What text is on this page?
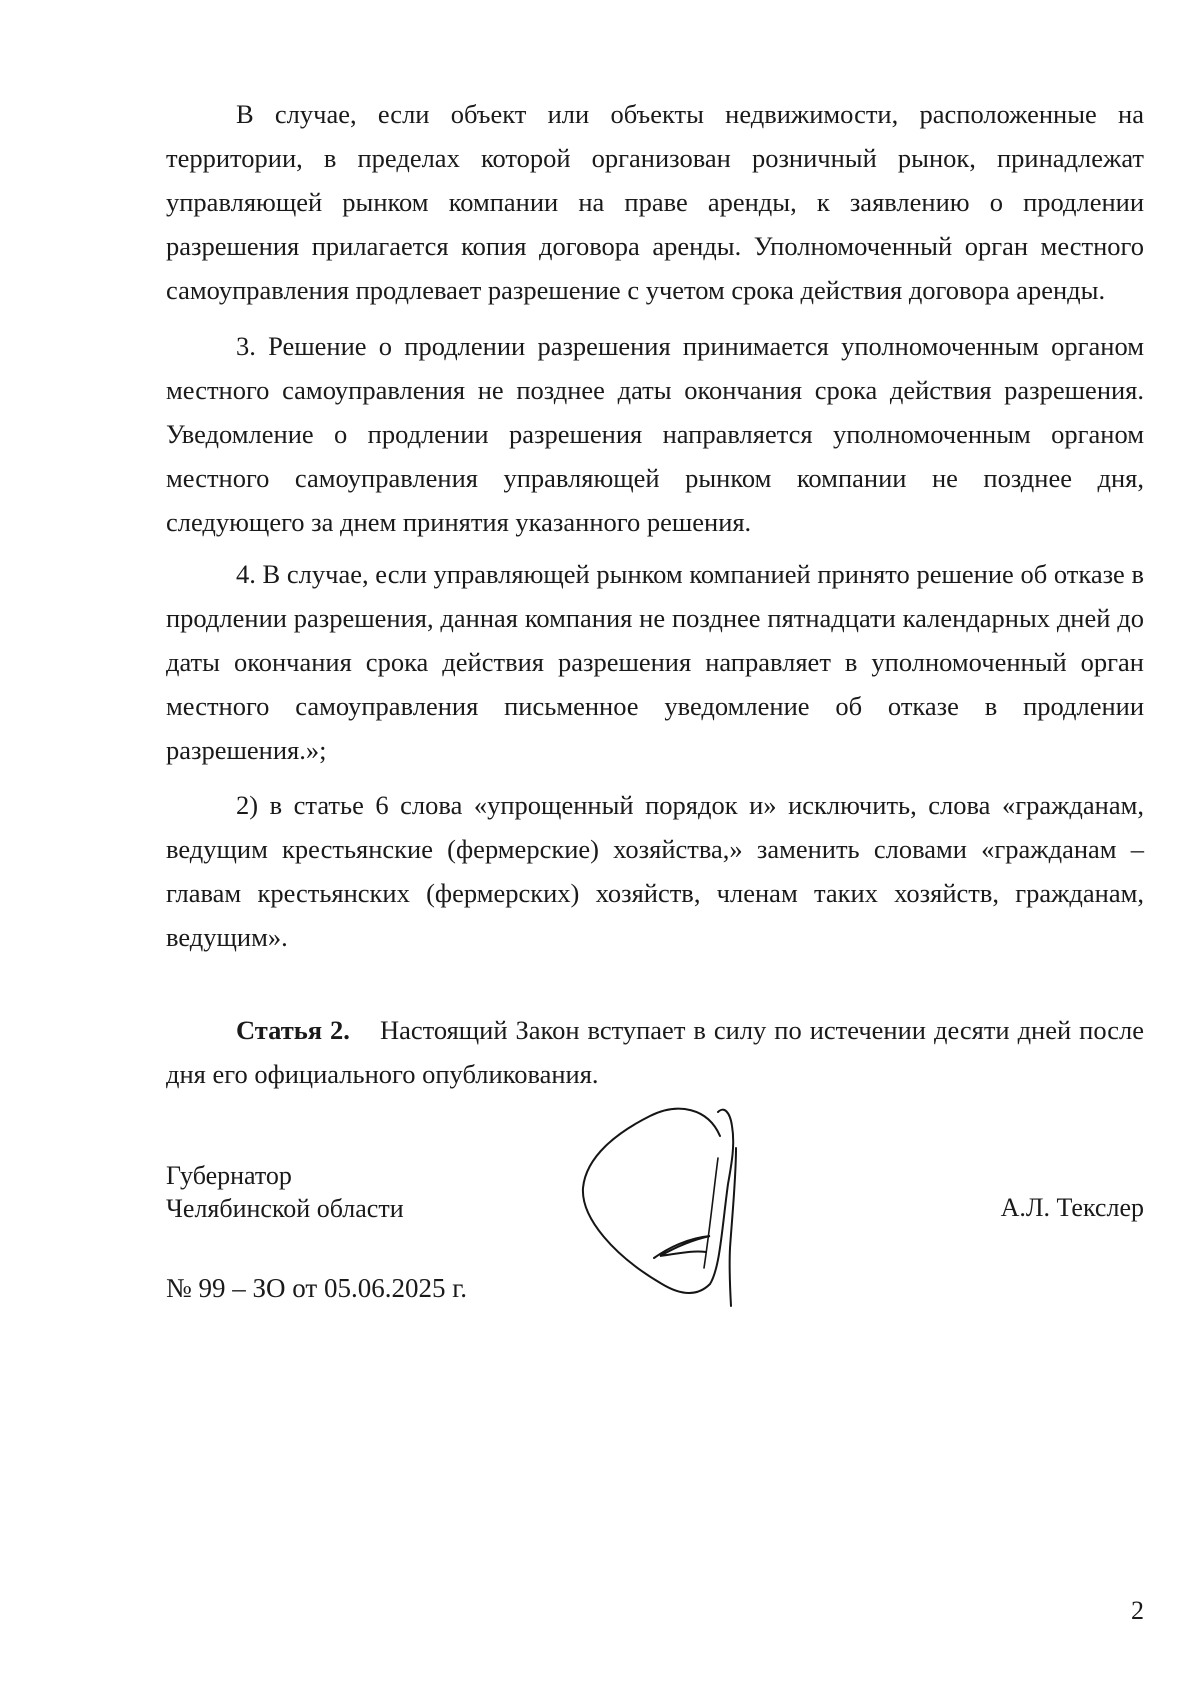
В случае, если объект или объекты недвижимости, расположенные на территории, в пределах которой организован розничный рынок, принадлежат управляющей рынком компании на праве аренды, к заявлению о продлении разрешения прилагается копия договора аренды. Уполномоченный орган местного самоуправления продлевает разрешение с учетом срока действия договора аренды.

3. Решение о продлении разрешения принимается уполномоченным органом местного самоуправления не позднее даты окончания срока действия разрешения. Уведомление о продлении разрешения направляется уполномоченным органом местного самоуправления управляющей рынком компании не позднее дня, следующего за днем принятия указанного решения.

4. В случае, если управляющей рынком компанией принято решение об отказе в продлении разрешения, данная компания не позднее пятнадцати календарных дней до даты окончания срока действия разрешения направляет в уполномоченный орган местного самоуправления письменное уведомление об отказе в продлении разрешения.»;

2) в статье 6 слова «упрощенный порядок и» исключить, слова «гражданам, ведущим крестьянские (фермерские) хозяйства,» заменить словами «гражданам – главам крестьянских (фермерских) хозяйств, членам таких хозяйств, гражданам, ведущим».

Статья 2. Настоящий Закон вступает в силу по истечении десяти дней после дня его официального опубликования.

Губернатор
Челябинской области	А.Л. Текслер
№ 99 – ЗО от 05.06.2025 г.
2
